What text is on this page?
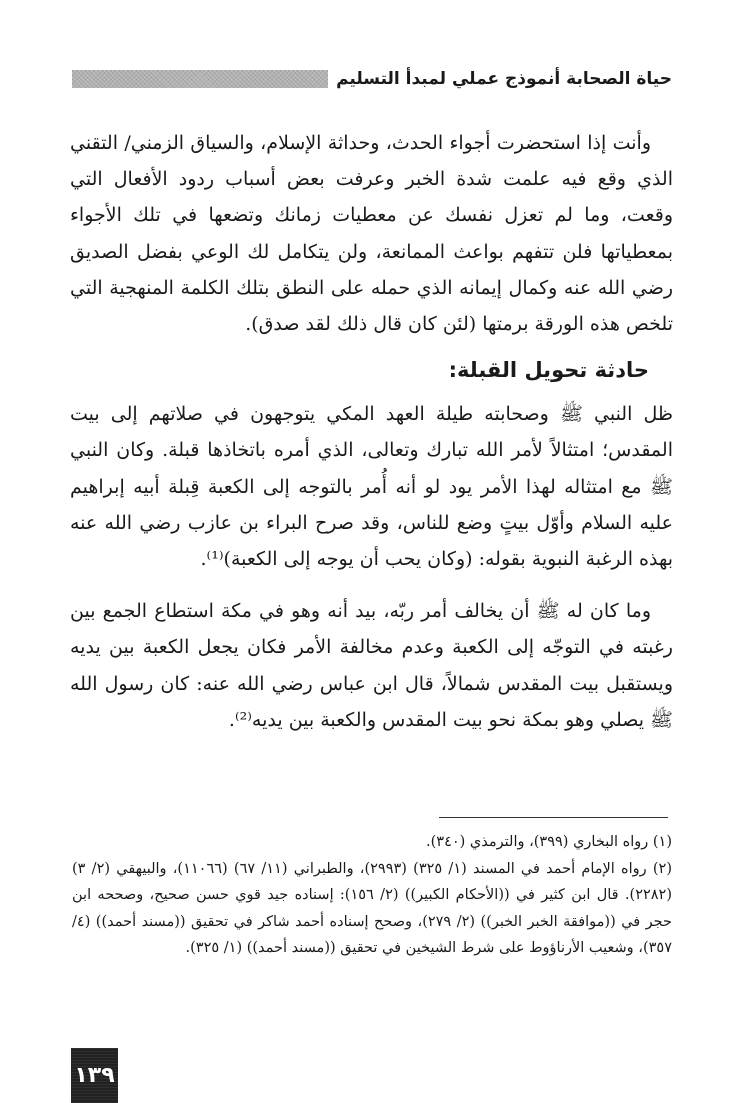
حياة الصحابة أنموذج عملي لمبدأ التسليم

وأنت إذا استحضرت أجواء الحدث، وحداثة الإسلام، والسياق الزمني/ التقني الذي وقع فيه علمت شدة الخبر وعرفت بعض أسباب ردود الأفعال التي وقعت، وما لم تعزل نفسك عن معطيات زمانك وتضعها في تلك الأجواء بمعطياتها فلن تتفهم بواعث الممانعة، ولن يتكامل لك الوعي بفضل الصديق رضي الله عنه وكمال إيمانه الذي حمله على النطق بتلك الكلمة المنهجية التي تلخص هذه الورقة برمتها (لئن كان قال ذلك لقد صدق).

حادثة تحويل القبلة:

ظل النبي ﷺ وصحابته طيلة العهد المكي يتوجهون في صلاتهم إلى بيت المقدس؛ امتثالاً لأمر الله تبارك وتعالى، الذي أمره باتخاذها قبلة. وكان النبي ﷺ مع امتثاله لهذا الأمر يود لو أنه أُمر بالتوجه إلى الكعبة قِبلة أبيه إبراهيم عليه السلام وأوّل بيتٍ وضع للناس، وقد صرح البراء بن عازب رضي الله عنه بهذه الرغبة النبوية بقوله: (وكان يحب أن يوجه إلى الكعبة)⁽¹⁾.

وما كان له ﷺ أن يخالف أمر ربّه، بيد أنه وهو في مكة استطاع الجمع بين رغبته في التوجّه إلى الكعبة وعدم مخالفة الأمر فكان يجعل الكعبة بين يديه ويستقبل بيت المقدس شمالاً، قال ابن عباس رضي الله عنه: كان رسول الله ﷺ يصلي وهو بمكة نحو بيت المقدس والكعبة بين يديه⁽²⁾.

(١) رواه البخاري (٣٩٩)، والترمذي (٣٤٠).

(٢) رواه الإمام أحمد في المسند (١/ ٣٢٥) (٢٩٩٣)، والطبراني (١١/ ٦٧) (١١٠٦٦)، والبيهقي (٢/ ٣) (٢٢٨٢). قال ابن كثير في ((الأحكام الكبير)) (٢/ ١٥٦): إسناده جيد قوي حسن صحيح، وصححه ابن حجر في ((موافقة الخبر الخبر)) (٢/ ٢٧٩)، وصحح إسناده أحمد شاكر في تحقيق ((مسند أحمد)) (٤/ ٣٥٧)، وشعيب الأرناؤوط على شرط الشيخين في تحقيق ((مسند أحمد)) (١/ ٣٢٥).

١٣٩
